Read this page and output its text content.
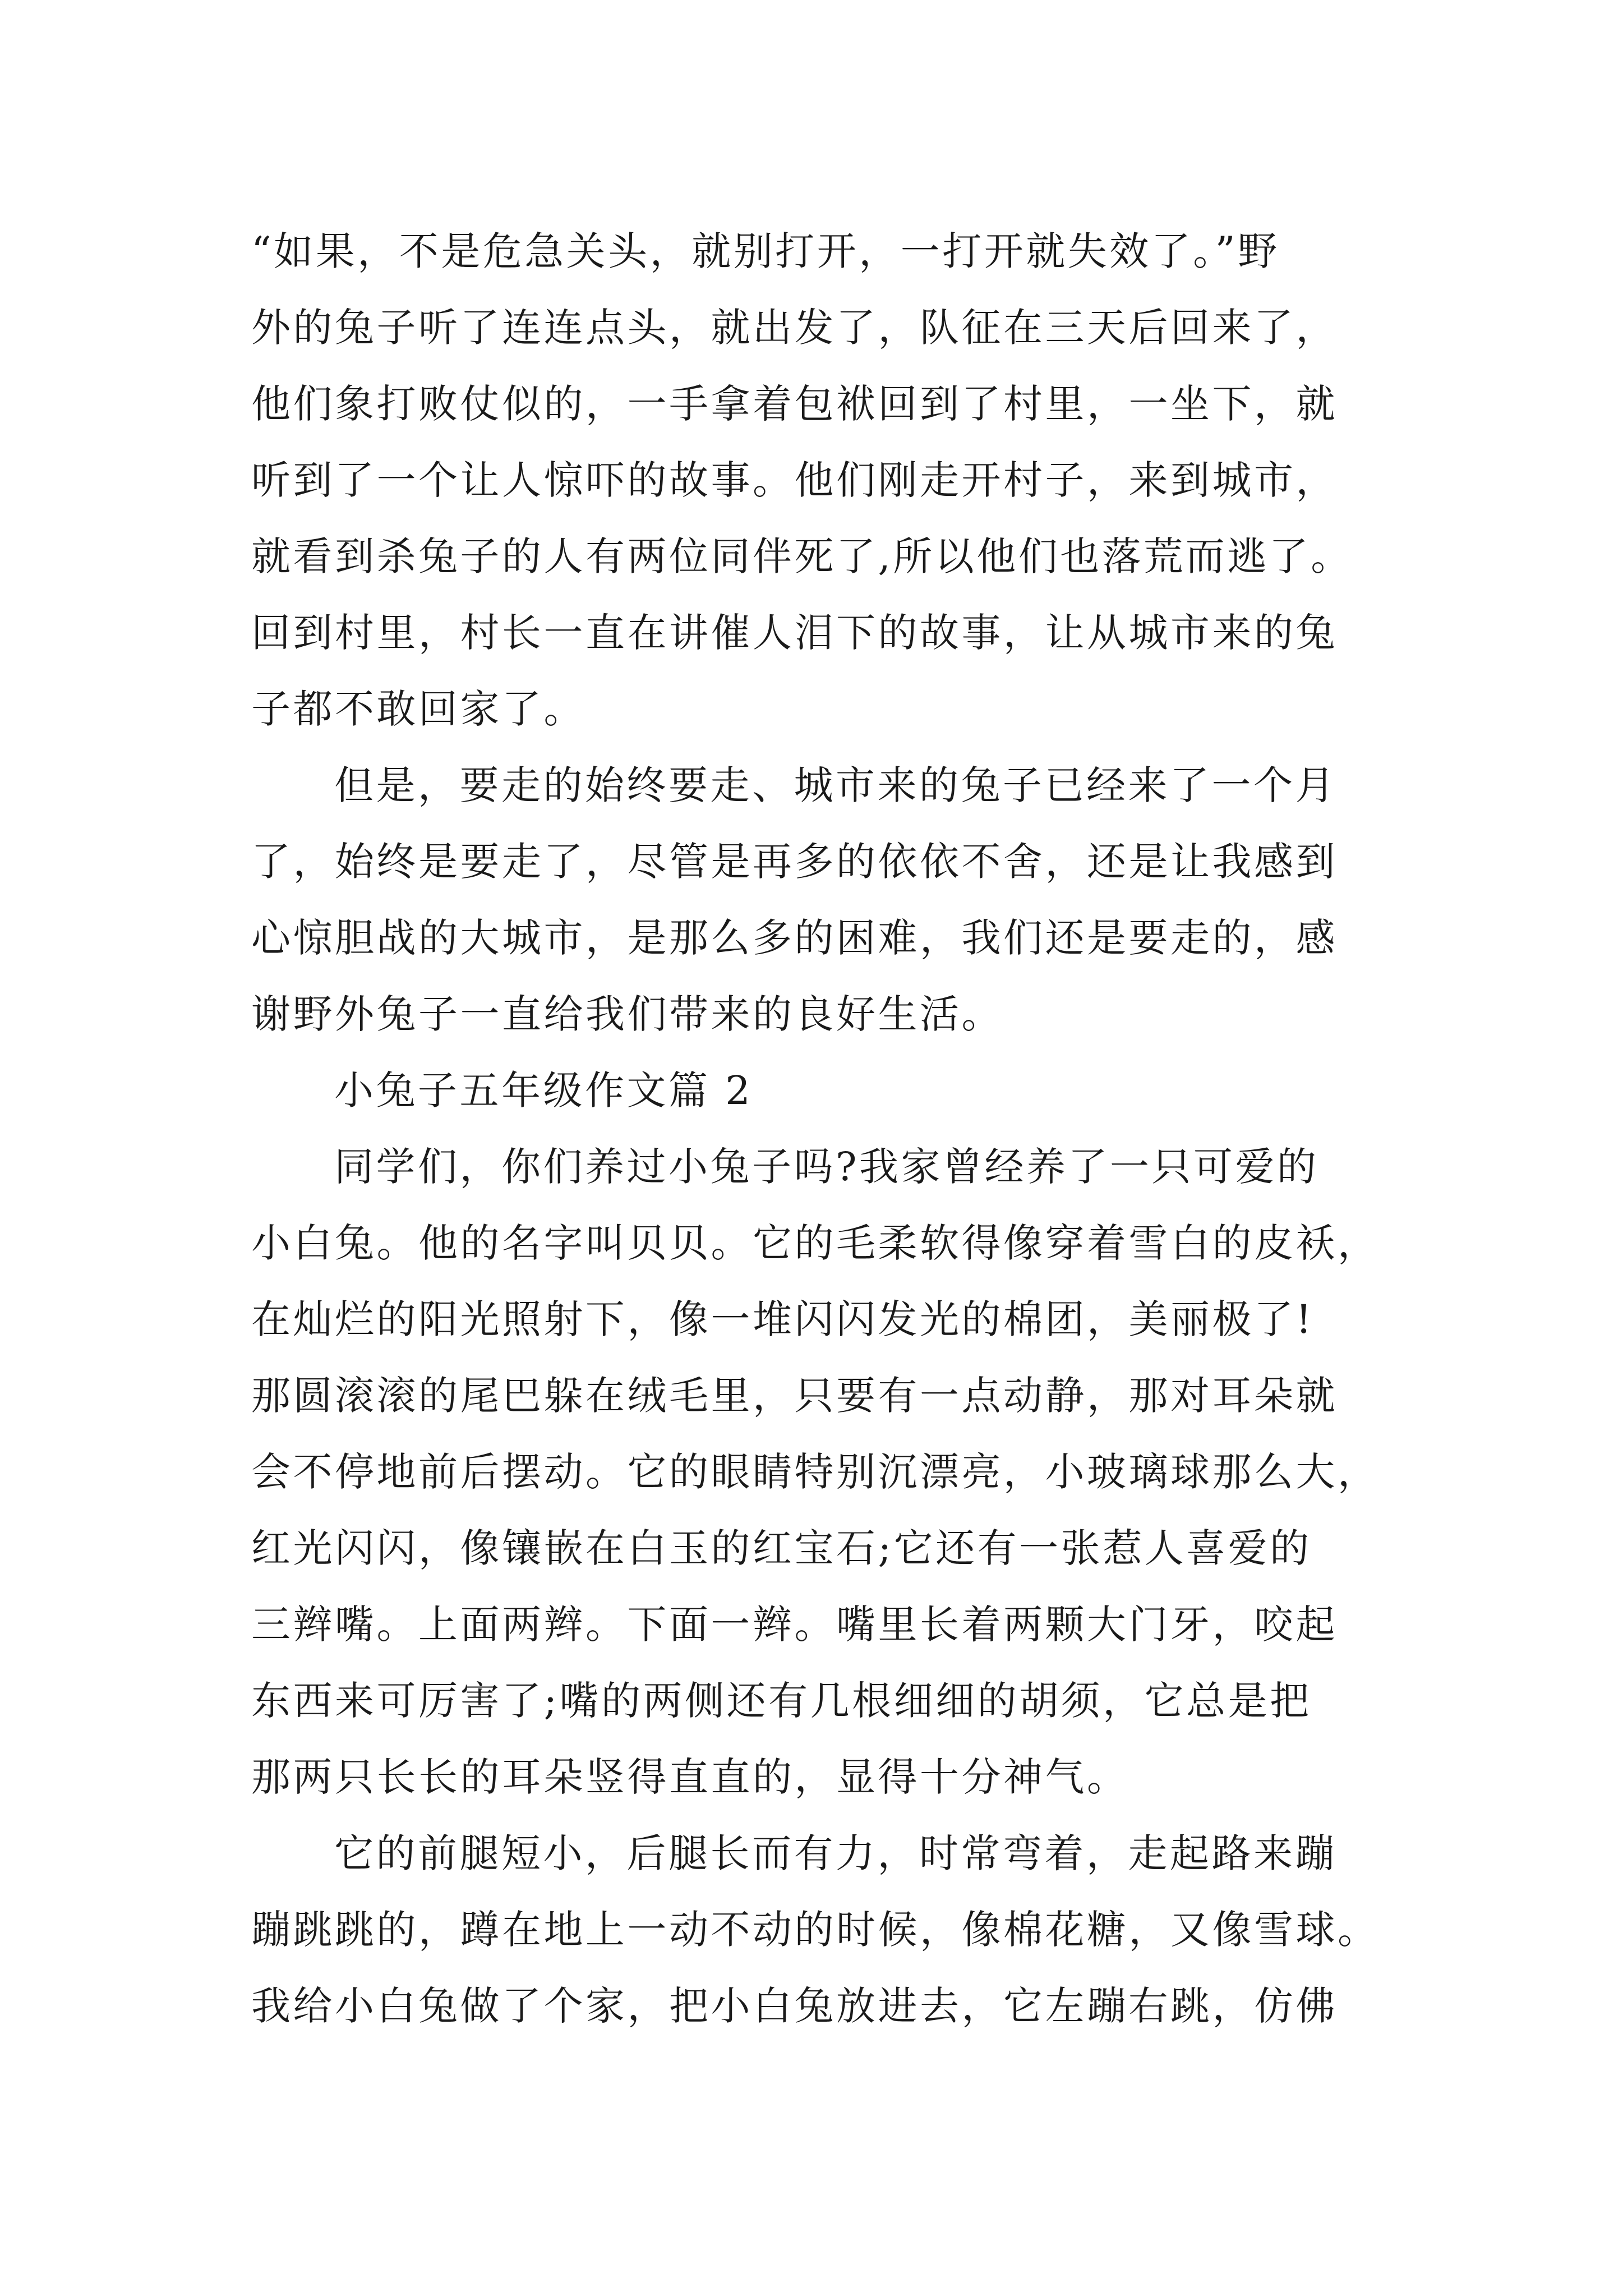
“如果，不是危急关头，就别打开，一打开就失效了。”野
外的兔子听了连连点头，就出发了，队征在三天后回来了，
他们象打败仗似的，一手拿着包袱回到了村里，一坐下，就
听到了一个让人惊吓的故事。他们刚走开村子，来到城市，
就看到杀兔子的人有两位同伴死了,所以他们也落荒而逃了。
回到村里，村长一直在讲催人泪下的故事，让从城市来的兔
子都不敢回家了。
但是，要走的始终要走、城市来的兔子已经来了一个月
了，始终是要走了，尽管是再多的依依不舍，还是让我感到
心惊胆战的大城市，是那么多的困难，我们还是要走的，感
谢野外兔子一直给我们带来的良好生活。
小兔子五年级作文篇 2
同学们，你们养过小兔子吗?我家曾经养了一只可爱的
小白兔。他的名字叫贝贝。它的毛柔软得像穿着雪白的皮袄，
在灿烂的阳光照射下，像一堆闪闪发光的棉团，美丽极了!
那圆滚滚的尾巴躲在绒毛里，只要有一点动静，那对耳朵就
会不停地前后摆动。它的眼睛特别沉漂亮，小玻璃球那么大，
红光闪闪，像镶嵌在白玉的红宝石;它还有一张惹人喜爱的
三辫嘴。上面两辫。下面一辫。嘴里长着两颗大门牙，咬起
东西来可厉害了;嘴的两侧还有几根细细的胡须，它总是把
那两只长长的耳朵竖得直直的，显得十分神气。
它的前腿短小，后腿长而有力，时常弯着，走起路来蹦
蹦跳跳的，蹲在地上一动不动的时候，像棉花糖，又像雪球。
我给小白兔做了个家，把小白兔放进去，它左蹦右跳，仿佛
